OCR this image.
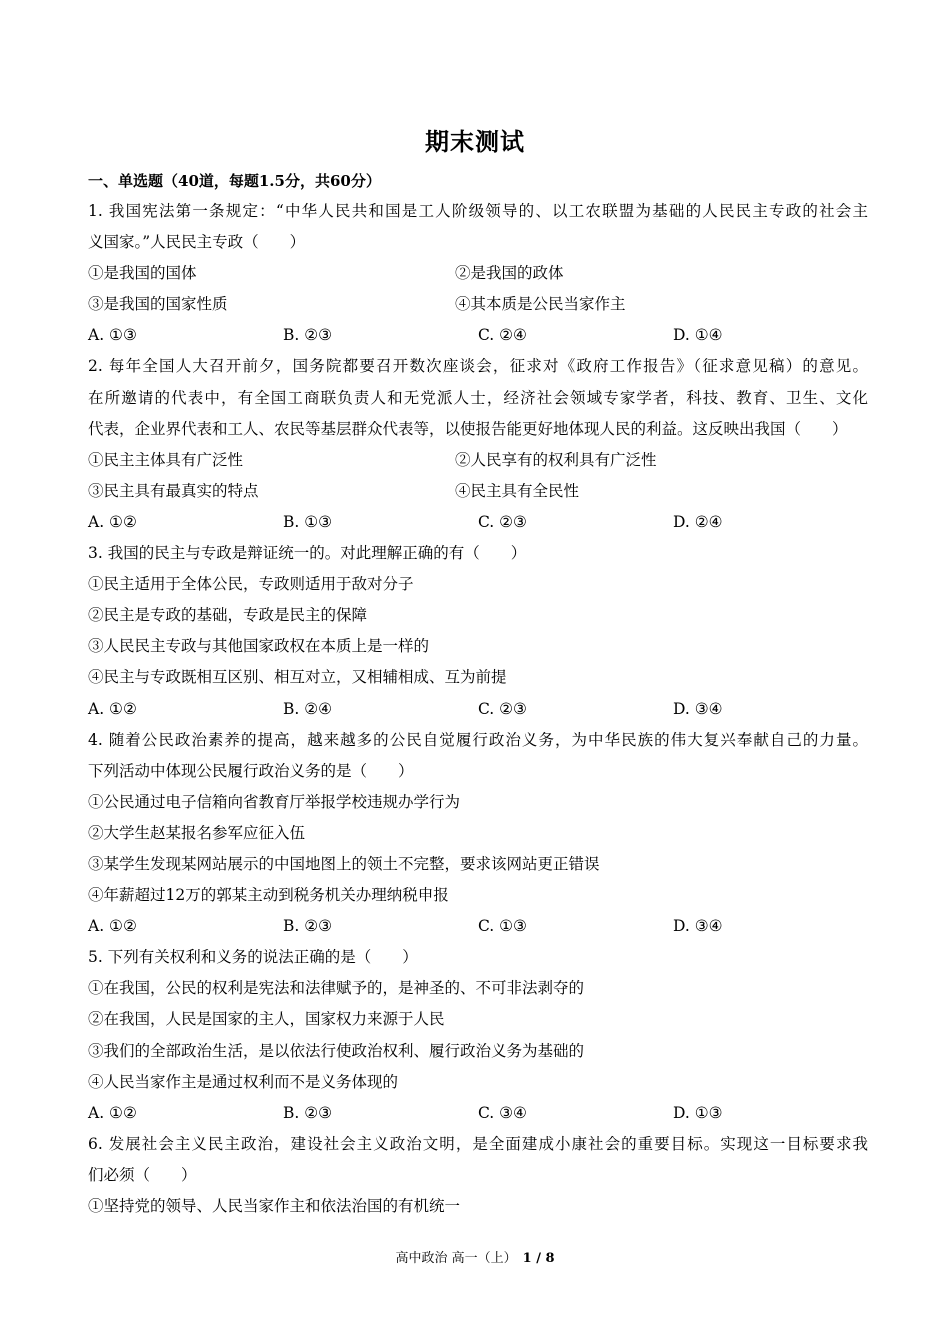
期末测试
一、单选题（40道，每题1.5分，共60分）
1. 我国宪法第一条规定：“中华人民共和国是工人阶级领导的、以工农联盟为基础的人民民主专政的社会主
义国家。”人民民主专政（　　）
①是我国的国体	②是我国的政体
③是我国的国家性质	④其本质是公民当家作主
A. ①③	B. ②③	C. ②④	D. ①④
2. 每年全国人大召开前夕，国务院都要召开数次座谈会，征求对《政府工作报告》（征求意见稿）的意见。
在所邀请的代表中，有全国工商联负责人和无党派人士，经济社会领域专家学者，科技、教育、卫生、文化
代表，企业界代表和工人、农民等基层群众代表等，以使报告能更好地体现人民的利益。这反映出我国（　　）
①民主主体具有广泛性	②人民享有的权利具有广泛性
③民主具有最真实的特点	④民主具有全民性
A. ①②	B. ①③	C. ②③	D. ②④
3. 我国的民主与专政是辩证统一的。对此理解正确的有（　　）
①民主适用于全体公民，专政则适用于敌对分子
②民主是专政的基础，专政是民主的保障
③人民民主专政与其他国家政权在本质上是一样的
④民主与专政既相互区别、相互对立，又相辅相成、互为前提
A. ①②	B. ②④	C. ②③	D. ③④
4. 随着公民政治素养的提高，越来越多的公民自觉履行政治义务，为中华民族的伟大复兴奉献自己的力量。
下列活动中体现公民履行政治义务的是（　　）
①公民通过电子信箱向省教育厅举报学校违规办学行为
②大学生赵某报名参军应征入伍
③某学生发现某网站展示的中国地图上的领土不完整，要求该网站更正错误
④年薪超过12万的郭某主动到税务机关办理纳税申报
A. ①②	B. ②③	C. ①③	D. ③④
5. 下列有关权利和义务的说法正确的是（　　）
①在我国，公民的权利是宪法和法律赋予的，是神圣的、不可非法剥夺的
②在我国，人民是国家的主人，国家权力来源于人民
③我们的全部政治生活，是以依法行使政治权利、履行政治义务为基础的
④人民当家作主是通过权利而不是义务体现的
A. ①②	B. ②③	C. ③④	D. ①③
6. 发展社会主义民主政治，建设社会主义政治文明，是全面建成小康社会的重要目标。实现这一目标要求我
们必须（　　）
①坚持党的领导、人民当家作主和依法治国的有机统一
高中政治 高一（上） 1 / 8
